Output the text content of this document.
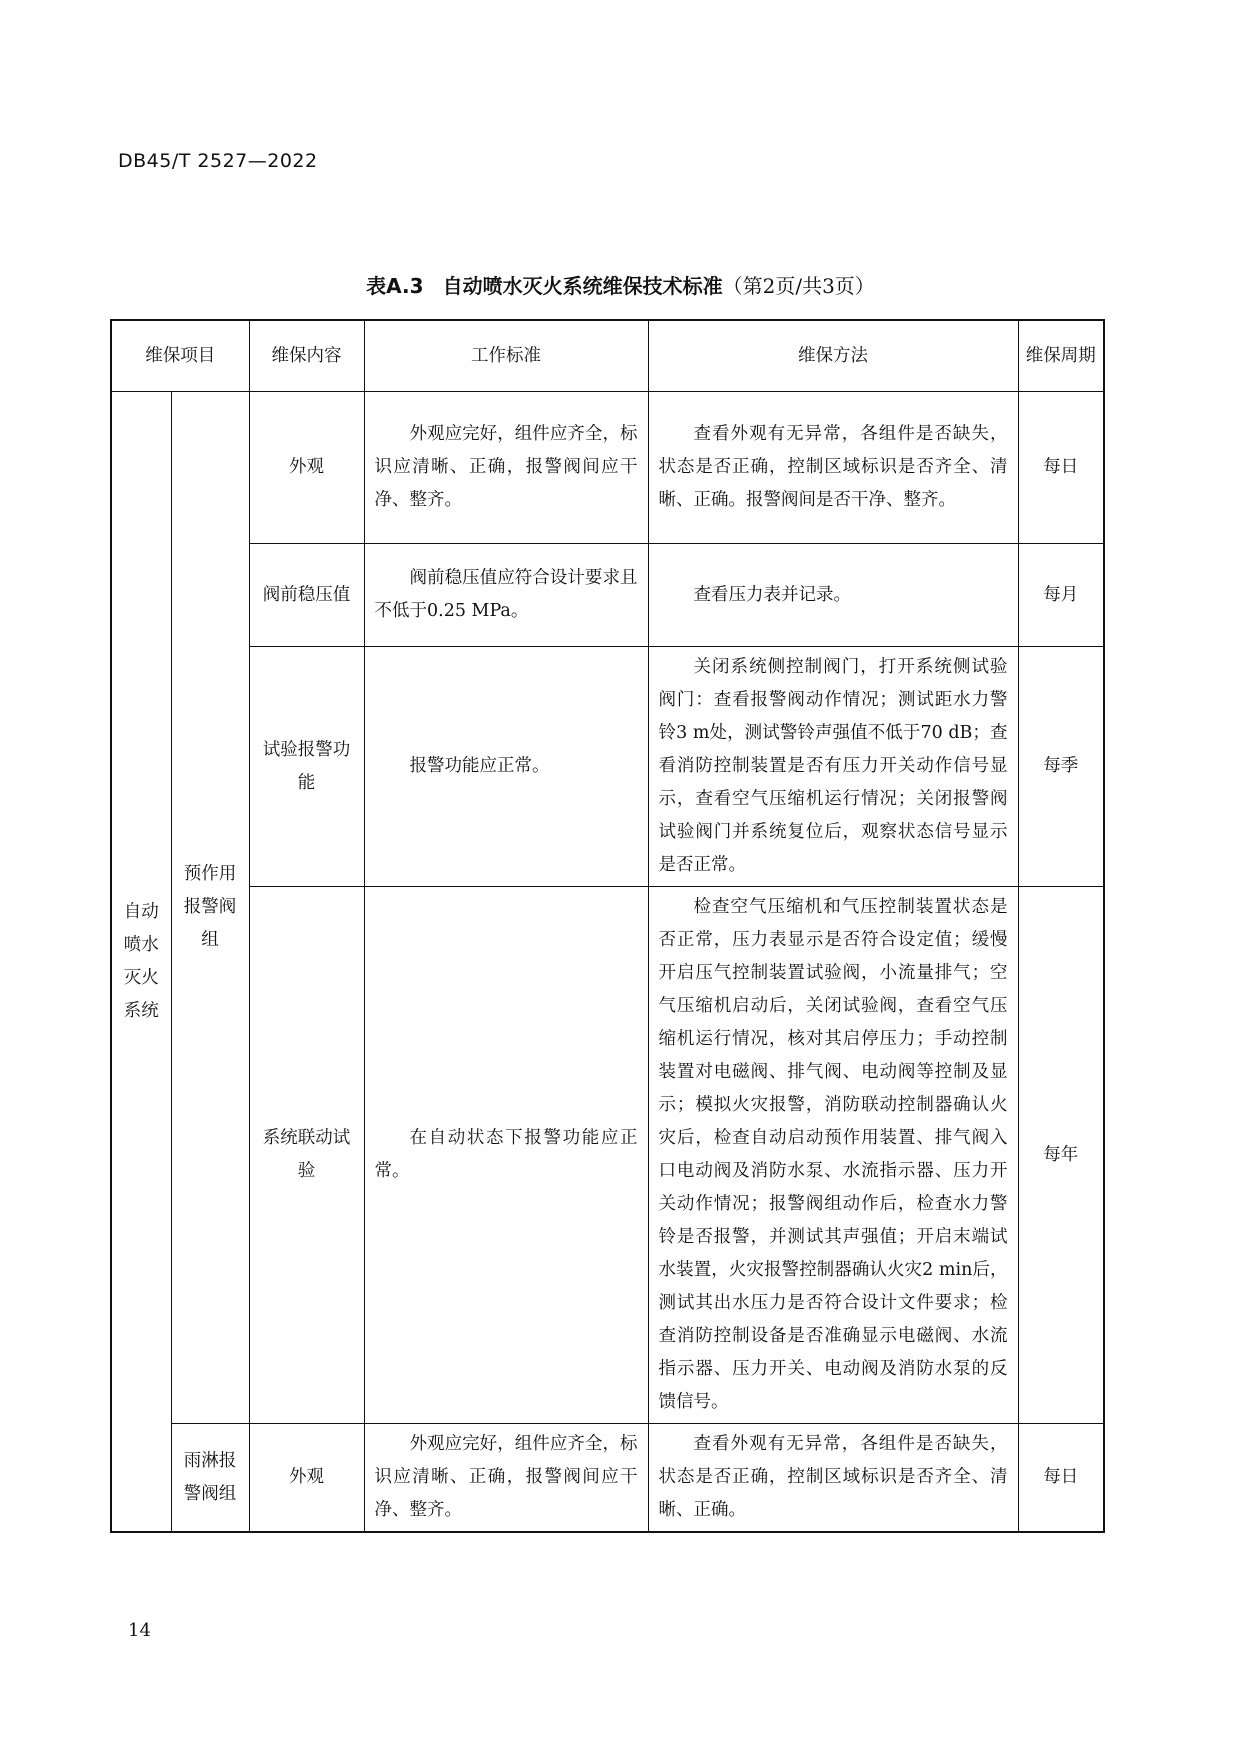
DB45/T 2527—2022
表A.3 自动喷水灭火系统维保技术标准（第2页/共3页）
维保项目		维保内容	工作标准	维保方法	维保周期
自动喷水灭火系统	预作用报警阀组	外观	外观应完好，组件应齐全，标识应清晰、正确，报警阀间应干净、整齐。	查看外观有无异常，各组件是否缺失，状态是否正确，控制区域标识是否齐全、清晰、正确。报警阀间是否干净、整齐。	每日
		阀前稳压值	阀前稳压值应符合设计要求且不低于0.25 MPa。	查看压力表并记录。	每月
		试验报警功能	报警功能应正常。	关闭系统侧控制阀门，打开系统侧试验阀门：查看报警阀动作情况；测试距水力警铃3 m处，测试警铃声强值不低于70 dB；查看消防控制装置是否有压力开关动作信号显示，查看空气压缩机运行情况；关闭报警阀试验阀门并系统复位后，观察状态信号显示是否正常。	每季
		系统联动试验	在自动状态下报警功能应正常。	检查空气压缩机和气压控制装置状态是否正常，压力表显示是否符合设定值；缓慢开启压气控制装置试验阀，小流量排气；空气压缩机启动后，关闭试验阀，查看空气压缩机运行情况，核对其启停压力；手动控制装置对电磁阀、排气阀、电动阀等控制及显示；模拟火灾报警，消防联动控制器确认火灾后，检查自动启动预作用装置、排气阀入口电动阀及消防水泵、水流指示器、压力开关动作情况；报警阀组动作后，检查水力警铃是否报警，并测试其声强值；开启末端试水装置，火灾报警控制器确认火灾2 min后，测试其出水压力是否符合设计文件要求；检查消防控制设备是否准确显示电磁阀、水流指示器、压力开关、电动阀及消防水泵的反馈信号。	每年
	雨淋报警阀组	外观	外观应完好，组件应齐全，标识应清晰、正确，报警阀间应干净、整齐。	查看外观有无异常，各组件是否缺失，状态是否正确，控制区域标识是否齐全、清晰、正确。	每日
14
